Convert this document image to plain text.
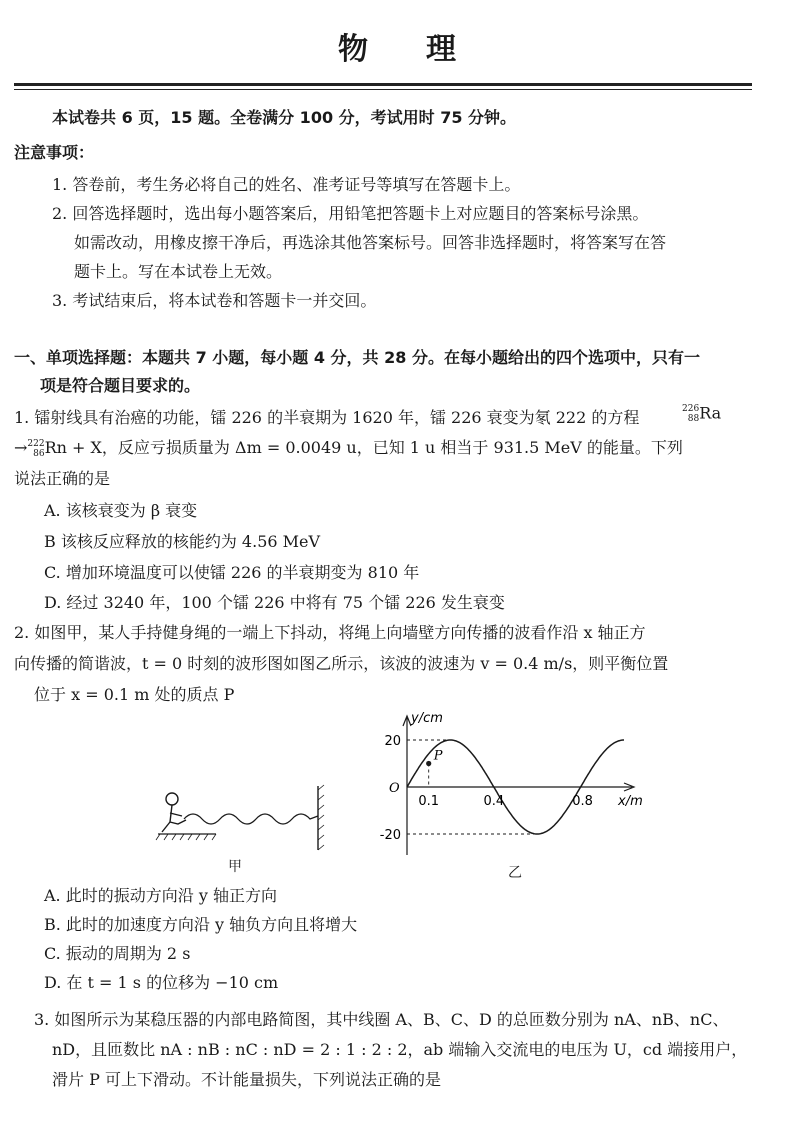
物理
本试卷共 6 页，15 题。全卷满分 100 分，考试用时 75 分钟。
注意事项：
1. 答卷前，考生务必将自己的姓名、准考证号等填写在答题卡上。
2. 回答选择题时，选出每小题答案后，用铅笔把答题卡上对应题目的答案标号涂黑。
如需改动，用橡皮擦干净后，再选涂其他答案标号。回答非选择题时，将答案写在答
题卡上。写在本试卷上无效。
3. 考试结束后，将本试卷和答题卡一并交回。
一、单项选择题：本题共 7 小题，每小题 4 分，共 28 分。在每小题给出的四个选项中，只有一
项是符合题目要求的。
1. 镭射线具有治癌的功能，镭 226 的半衰期为 1620 年，镭 226 衰变为氡 222 的方程	226
88Ra
→222
86Rn + X，反应亏损质量为 Δm = 0.0049 u，已知 1 u 相当于 931.5 MeV 的能量。下列
说法正确的是
A. 该核衰变为 β 衰变
B 该核反应释放的核能约为 4.56 MeV
C. 增加环境温度可以使镭 226 的半衰期变为 810 年
D. 经过 3240 年，100 个镭 226 中将有 75 个镭 226 发生衰变
2. 如图甲，某人手持健身绳的一端上下抖动，将绳上向墙壁方向传播的波看作沿 x 轴正方
向传播的简谐波，t = 0 时刻的波形图如图乙所示，该波的波速为 v = 0.4 m/s，则平衡位置
位于 x = 0.1 m 处的质点 P
甲
y/cm
x/m
O
P
0.1	0.4	0.8
20
-20
乙
A. 此时的振动方向沿 y 轴正方向
B. 此时的加速度方向沿 y 轴负方向且将增大
C. 振动的周期为 2 s
D. 在 t = 1 s 的位移为 −10 cm
3. 如图所示为某稳压器的内部电路简图，其中线圈 A、B、C、D 的总匝数分别为 nA、nB、nC、
nD，且匝数比 nA : nB : nC : nD = 2 : 1 : 2 : 2，ab 端输入交流电的电压为 U，cd 端接用户，
滑片 P 可上下滑动。不计能量损失，下列说法正确的是
